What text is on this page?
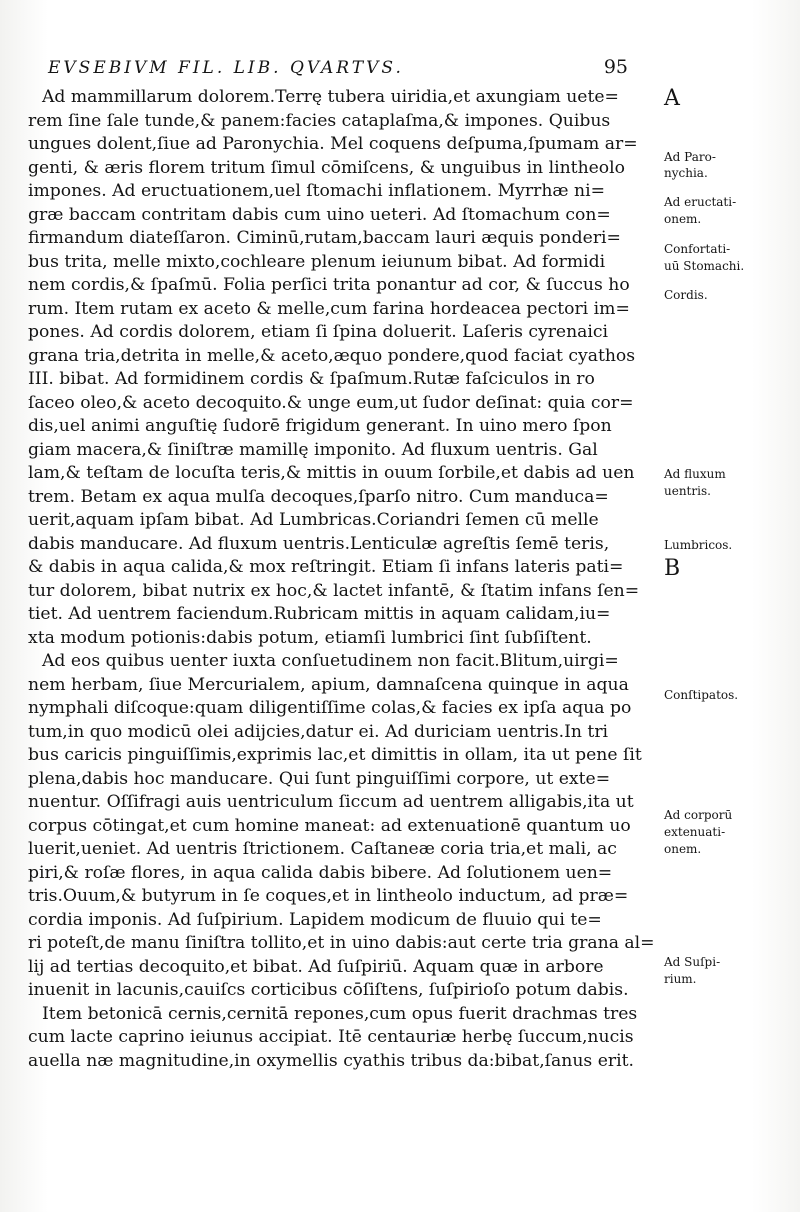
EVSEBIVM FIL. LIB. QVARTVS.	95
Ad mammillarum dolorem.Terrę tubera uiridia,et axungiam uete=
rem ſine ſale tunde,& panem:facies cataplaſma,& impones. Quibus
ungues dolent,ſiue ad Paronychia. Mel coquens deſpuma,ſpumam ar=
genti, & æris florem tritum ſimul cōmiſcens, & unguibus in lintheolo
impones. Ad eructuationem,uel ſtomachi inflationem. Myrrhæ ni=
græ baccam contritam dabis cum uino ueteri. Ad ſtomachum con=
firmandum diateſſaron. Ciminū,rutam,baccam lauri æquis ponderi=
bus trita, melle mixto,cochleare plenum ieiunum bibat. Ad formidi
nem cordis,& ſpaſmū. Folia perſici trita ponantur ad cor, & ſuccus ho
rum. Item rutam ex aceto & melle,cum farina hordeacea pectori im=
pones. Ad cordis dolorem, etiam ſi ſpina doluerit. Laſeris cyrenaici
grana tria,detrita in melle,& aceto,æquo pondere,quod faciat cyathos
III. bibat. Ad formidinem cordis & ſpaſmum.Rutæ faſciculos in ro
ſaceo oleo,& aceto decoquito.& unge eum,ut ſudor deſinat: quia cor=
dis,uel animi anguſtię ſudorē frigidum generant. In uino mero ſpon
giam macera,& ſiniſtræ mamillę imponito. Ad fluxum uentris. Gal
lam,& teſtam de locuſta teris,& mittis in ouum ſorbile,et dabis ad uen
trem. Betam ex aqua mulſa decoques,ſparſo nitro. Cum manduca=
uerit,aquam ipſam bibat. Ad Lumbricas.Coriandri ſemen cū melle
dabis manducare. Ad fluxum uentris.Lenticulæ agreſtis ſemē teris,
& dabis in aqua calida,& mox reſtringit. Etiam ſi infans lateris pati=
tur dolorem, bibat nutrix ex hoc,& lactet infantē, & ſtatim infans ſen=
tiet. Ad uentrem faciendum.Rubricam mittis in aquam calidam,iu=
xta modum potionis:dabis potum, etiamſi lumbrici ſint ſubſiſtent.
Ad eos quibus uenter iuxta conſuetudinem non facit.Blitum,uirgi=
nem herbam, ſiue Mercurialem, apium, damnaſcena quinque in aqua
nymphali diſcoque:quam diligentiſſime colas,& facies ex ipſa aqua po
tum,in quo modicū olei adijcies,datur ei. Ad duriciam uentris.In tri
bus caricis pinguiſſimis,exprimis lac,et dimittis in ollam, ita ut pene ſit
plena,dabis hoc manducare. Qui ſunt pinguiſſimi corpore, ut exte=
nuentur. Oſſifragi auis uentriculum ſiccum ad uentrem alligabis,ita ut
corpus cōtingat,et cum homine maneat: ad extenuationē quantum uo
luerit,ueniet. Ad uentris ſtrictionem. Caſtaneæ coria tria,et mali, ac
piri,& roſæ flores, in aqua calida dabis bibere. Ad ſolutionem uen=
tris.Ouum,& butyrum in ſe coques,et in lintheolo inductum, ad præ=
cordia imponis. Ad ſuſpirium. Lapidem modicum de fluuio qui te=
ri poteſt,de manu ſiniſtra tollito,et in uino dabis:aut certe tria grana al=
lij ad tertias decoquito,et bibat. Ad ſuſpiriū. Aquam quæ in arbore
inuenit in lacunis,cauiſcs corticibus cōſiſtens, ſuſpirioſo potum dabis.
Item betonicā cernis,cernitā repones,cum opus fuerit drachmas tres
cum lacte caprino ieiunus accipiat. Itē centauriæ herbę ſuccum,nucis
auella næ magnitudine,in oxymellis cyathis tribus da:bibat,ſanus erit.
A
Ad Paro-
nychia.
Ad eructati-
onem.
Confortati-
uū Stomachi.
Cordis.
Ad fluxum
uentris.
Lumbricos.
B
Conſtipatos.
Ad corporū
extenuati-
onem.
Ad Suſpi-
rium.
